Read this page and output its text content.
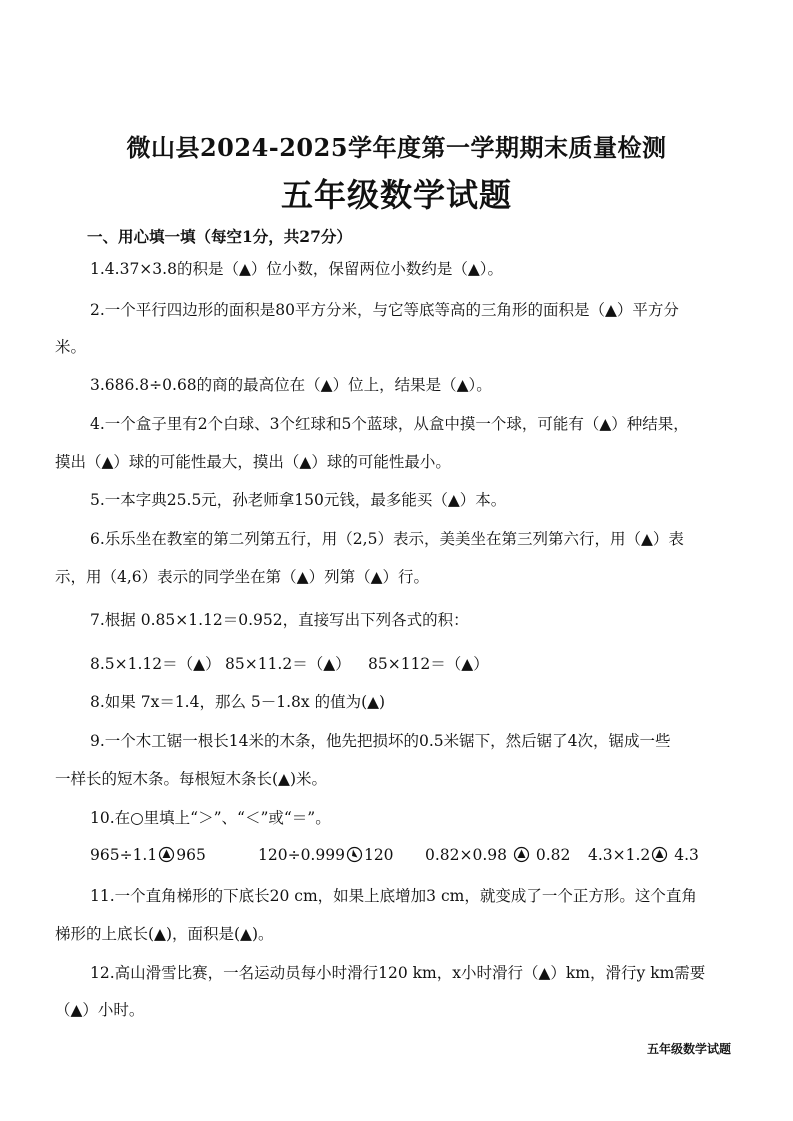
微山县2024-2025学年度第一学期期末质量检测
五年级数学试题
一、用心填一填（每空1分，共27分）
1.4.37×3.8的积是（▲）位小数，保留两位小数约是（▲）。
2.一个平行四边形的面积是80平方分米，与它等底等高的三角形的面积是（▲）平方分
米。
3.686.8÷0.68的商的最高位在（▲）位上，结果是（▲）。
4.一个盒子里有2个白球、3个红球和5个蓝球，从盒中摸一个球，可能有（▲）种结果，
摸出（▲）球的可能性最大，摸出（▲）球的可能性最小。
5.一本字典25.5元，孙老师拿150元钱，最多能买（▲）本。
6.乐乐坐在教室的第二列第五行，用（2,5）表示，美美坐在第三列第六行，用（▲）表
示，用（4,6）表示的同学坐在第（▲）列第（▲）行。
7.根据 0.85×1.12＝0.952，直接写出下列各式的积：
8.5×1.12＝（▲） 85×11.2＝（▲） 85×112＝（▲）
8.如果 7x＝1.4，那么 5－1.8x 的值为(▲)
9.一个木工锯一根长14米的木条，他先把损坏的0.5米锯下，然后锯了4次，锯成一些
一样长的短木条。每根短木条长(▲)米。
10.在○里填上“＞”、“＜”或“＝”。
965÷1.1 965	120÷0.999 120 0.82×0.98 0.82 4.3×1.2 4.3
11.一个直角梯形的下底长20 cm，如果上底增加3 cm，就变成了一个正方形。这个直角
梯形的上底长(▲)，面积是(▲)。
12.高山滑雪比赛，一名运动员每小时滑行120 km，x小时滑行（▲）km，滑行y km需要
（▲）小时。
五年级数学试题
